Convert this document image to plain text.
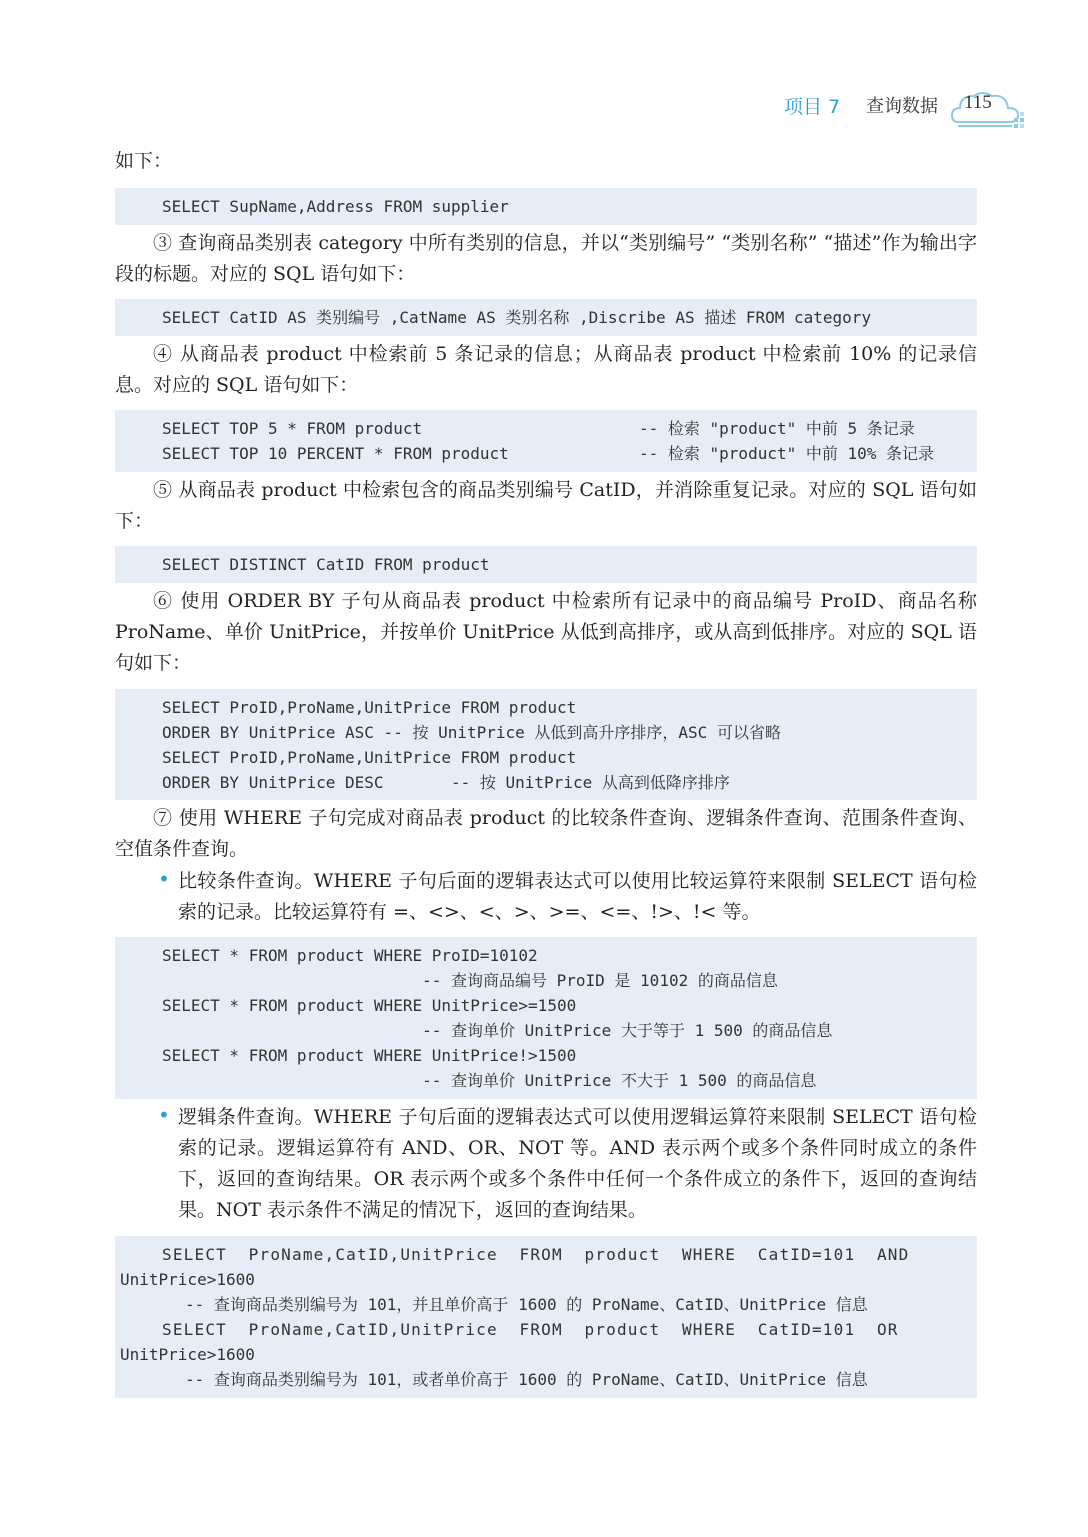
项目 7 查询数据 115

如下：

SELECT SupName,Address FROM supplier

③ 查询商品类别表 category 中所有类别的信息，并以“类别编号” “类别名称” “描述”作为输出字段的标题。对应的 SQL 语句如下：

SELECT CatID AS 类别编号 ,CatName AS 类别名称 ,Discribe AS 描述 FROM category

④ 从商品表 product 中检索前 5 条记录的信息；从商品表 product 中检索前 10% 的记录信息。对应的 SQL 语句如下：

SELECT TOP 5 * FROM product	-- 检索 "product" 中前 5 条记录
SELECT TOP 10 PERCENT * FROM product	-- 检索 "product" 中前 10% 条记录

⑤ 从商品表 product 中检索包含的商品类别编号 CatID，并消除重复记录。对应的 SQL 语句如下：

SELECT DISTINCT CatID FROM product

⑥ 使用 ORDER BY 子句从商品表 product 中检索所有记录中的商品编号 ProID、商品名称 ProName、单价 UnitPrice，并按单价 UnitPrice 从低到高排序，或从高到低排序。对应的 SQL 语句如下：

SELECT ProID,ProName,UnitPrice FROM product
ORDER BY UnitPrice ASC -- 按 UnitPrice 从低到高升序排序，ASC 可以省略
SELECT ProID,ProName,UnitPrice FROM product
ORDER BY UnitPrice DESC       -- 按 UnitPrice 从高到低降序排序

⑦ 使用 WHERE 子句完成对商品表 product 的比较条件查询、逻辑条件查询、范围条件查询、空值条件查询。

• 比较条件查询。WHERE 子句后面的逻辑表达式可以使用比较运算符来限制 SELECT 语句检索的记录。比较运算符有 =、<>、<、>、>=、<=、!>、!< 等。

SELECT * FROM product WHERE ProID=10102
-- 查询商品编号 ProID 是 10102 的商品信息
SELECT * FROM product WHERE UnitPrice>=1500
-- 查询单价 UnitPrice 大于等于 1 500 的商品信息
SELECT * FROM product WHERE UnitPrice!>1500
-- 查询单价 UnitPrice 不大于 1 500 的商品信息
• 逻辑条件查询。WHERE 子句后面的逻辑表达式可以使用逻辑运算符来限制 SELECT 语句检索的记录。逻辑运算符有 AND、OR、NOT 等。AND 表示两个或多个条件同时成立的条件下，返回的查询结果。OR 表示两个或多个条件中任何一个条件成立的条件下，返回的查询结果。NOT 表示条件不满足的情况下，返回的查询结果。

SELECT  ProName,CatID,UnitPrice  FROM  product  WHERE  CatID=101  AND
UnitPrice>1600
-- 查询商品类别编号为 101，并且单价高于 1600 的 ProName、CatID、UnitPrice 信息
SELECT  ProName,CatID,UnitPrice  FROM  product  WHERE  CatID=101  OR
UnitPrice>1600
-- 查询商品类别编号为 101，或者单价高于 1600 的 ProName、CatID、UnitPrice 信息
